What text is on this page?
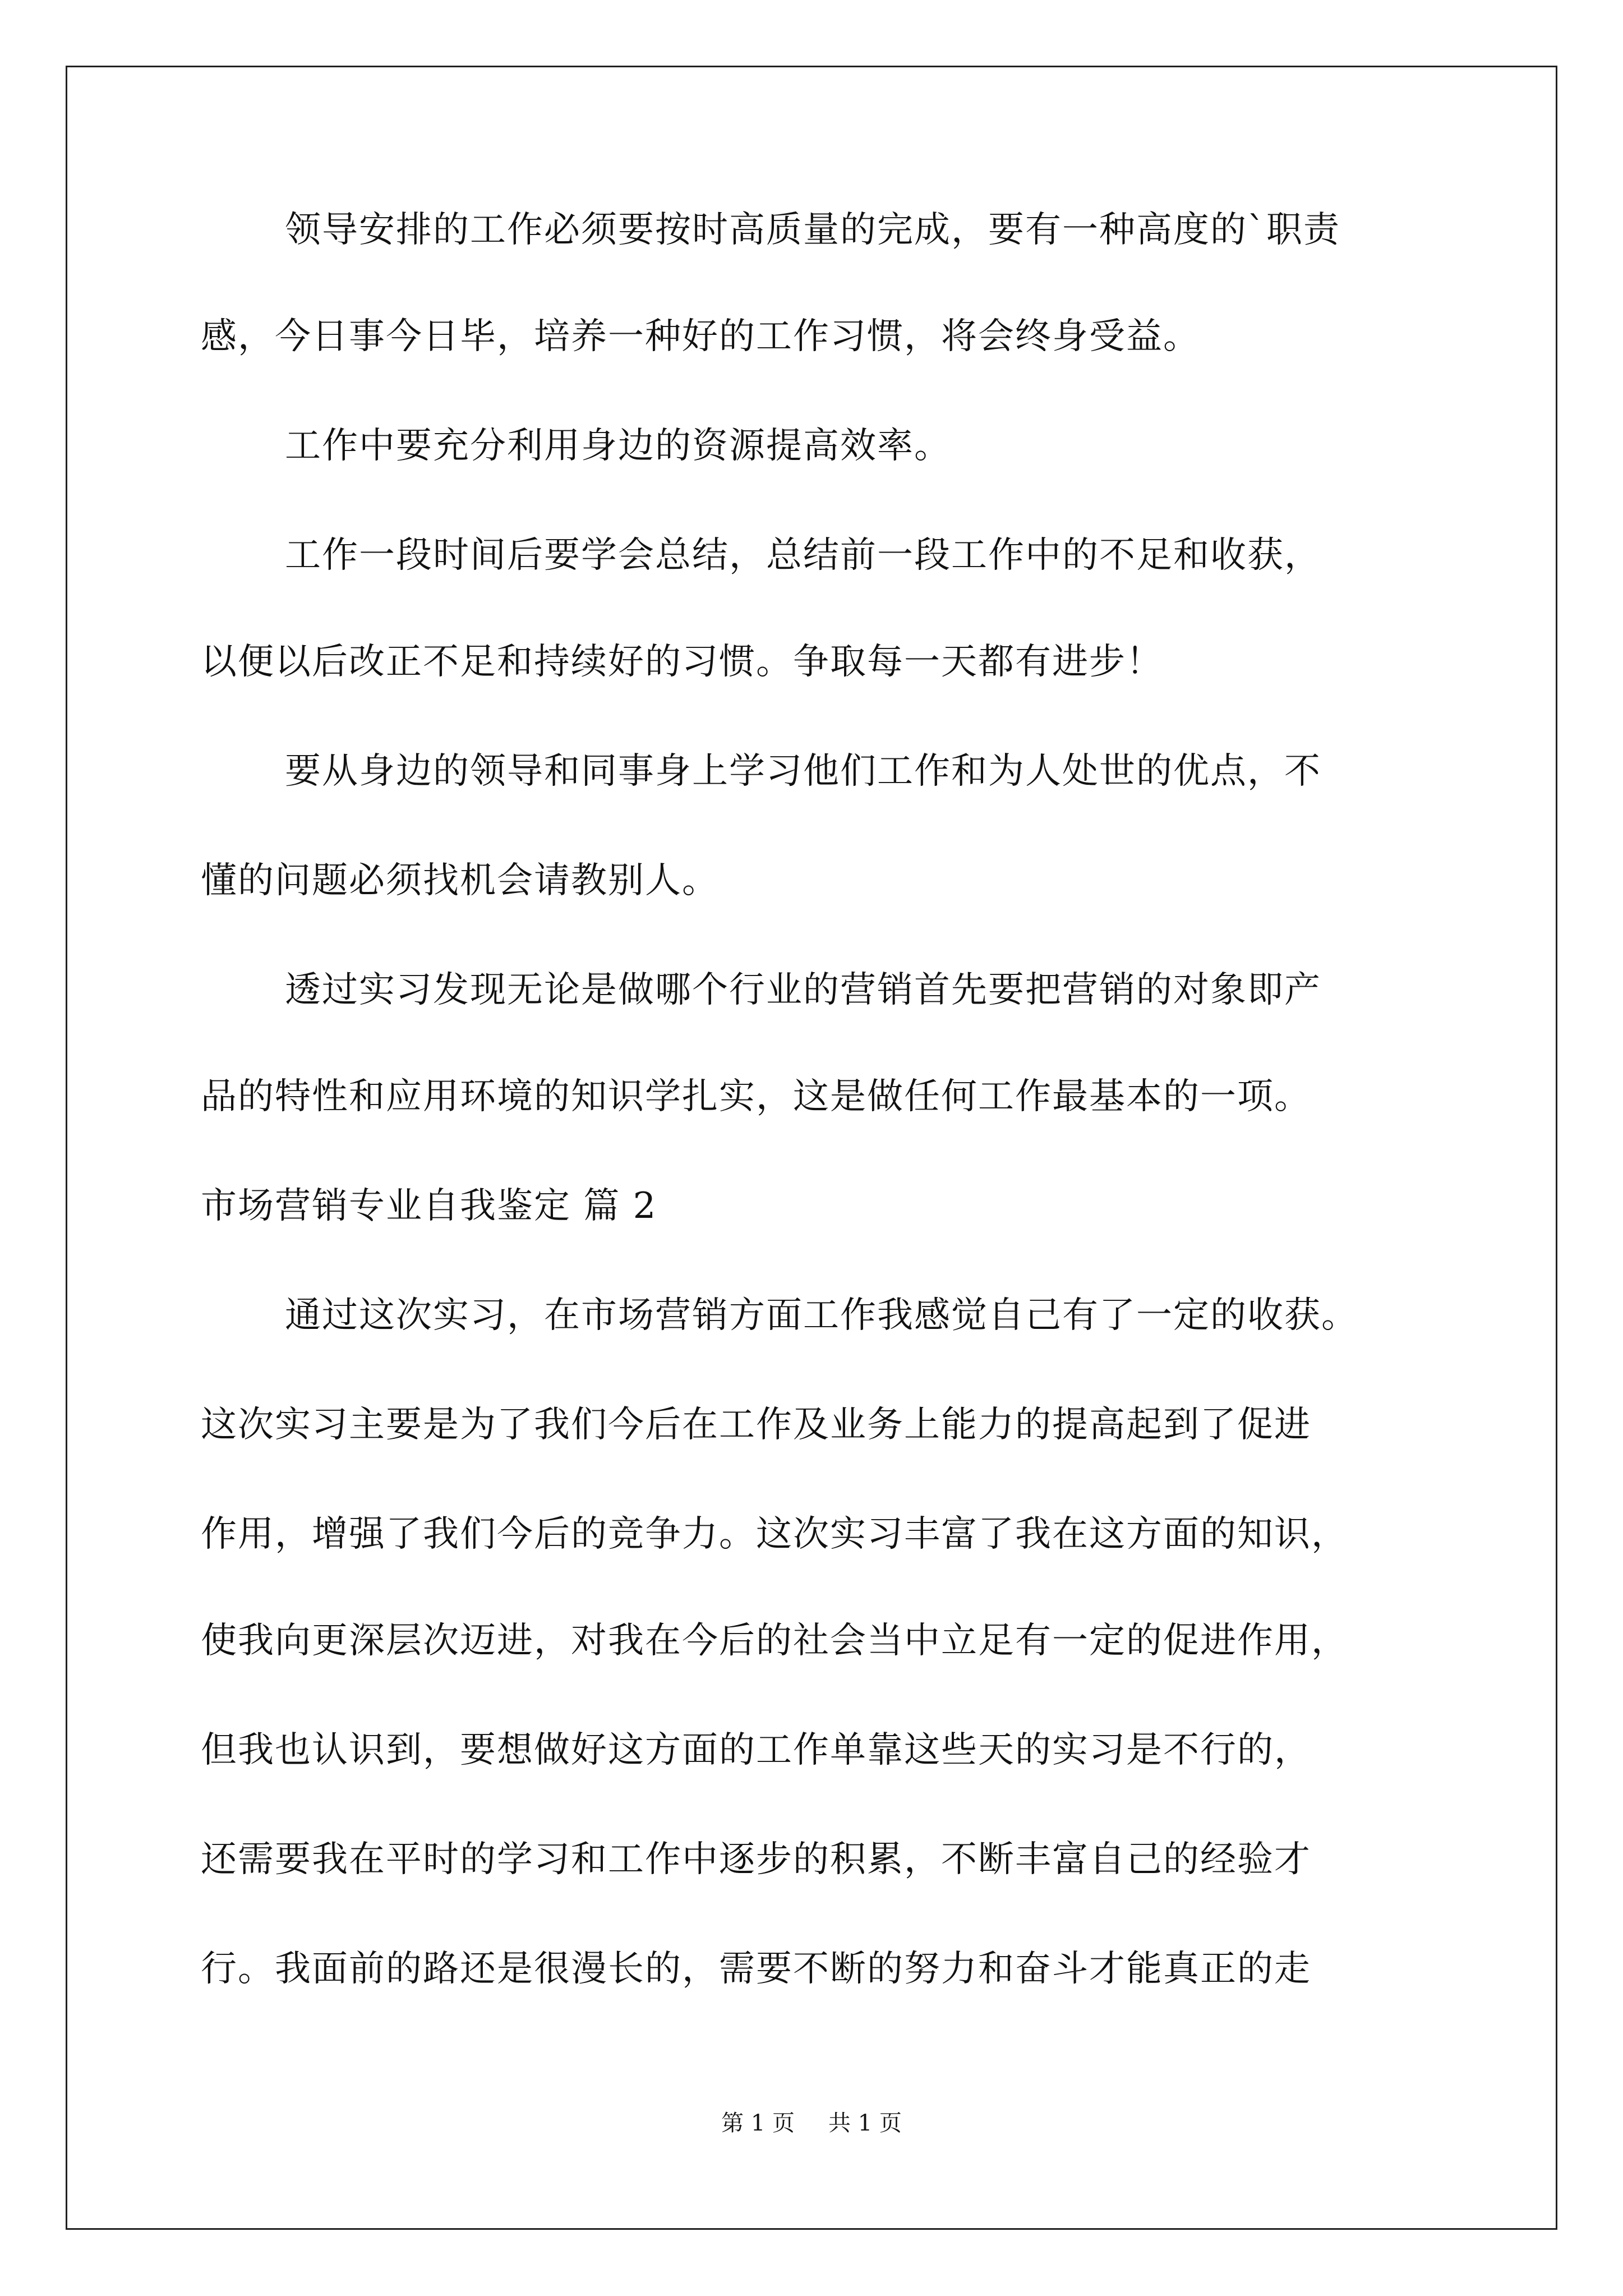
领导安排的工作必须要按时高质量的完成，要有一种高度的`职责
感，今日事今日毕，培养一种好的工作习惯，将会终身受益。
工作中要充分利用身边的资源提高效率。
工作一段时间后要学会总结，总结前一段工作中的不足和收获，
以便以后改正不足和持续好的习惯。争取每一天都有进步！
要从身边的领导和同事身上学习他们工作和为人处世的优点，不
懂的问题必须找机会请教别人。
透过实习发现无论是做哪个行业的营销首先要把营销的对象即产
品的特性和应用环境的知识学扎实，这是做任何工作最基本的一项。
市场营销专业自我鉴定 篇 2
通过这次实习，在市场营销方面工作我感觉自己有了一定的收获。
这次实习主要是为了我们今后在工作及业务上能力的提高起到了促进
作用，增强了我们今后的竞争力。这次实习丰富了我在这方面的知识，
使我向更深层次迈进，对我在今后的社会当中立足有一定的促进作用，
但我也认识到，要想做好这方面的工作单靠这些天的实习是不行的，
还需要我在平时的学习和工作中逐步的积累，不断丰富自己的经验才
行。我面前的路还是很漫长的，需要不断的努力和奋斗才能真正的走
第 1 页 共 1 页
